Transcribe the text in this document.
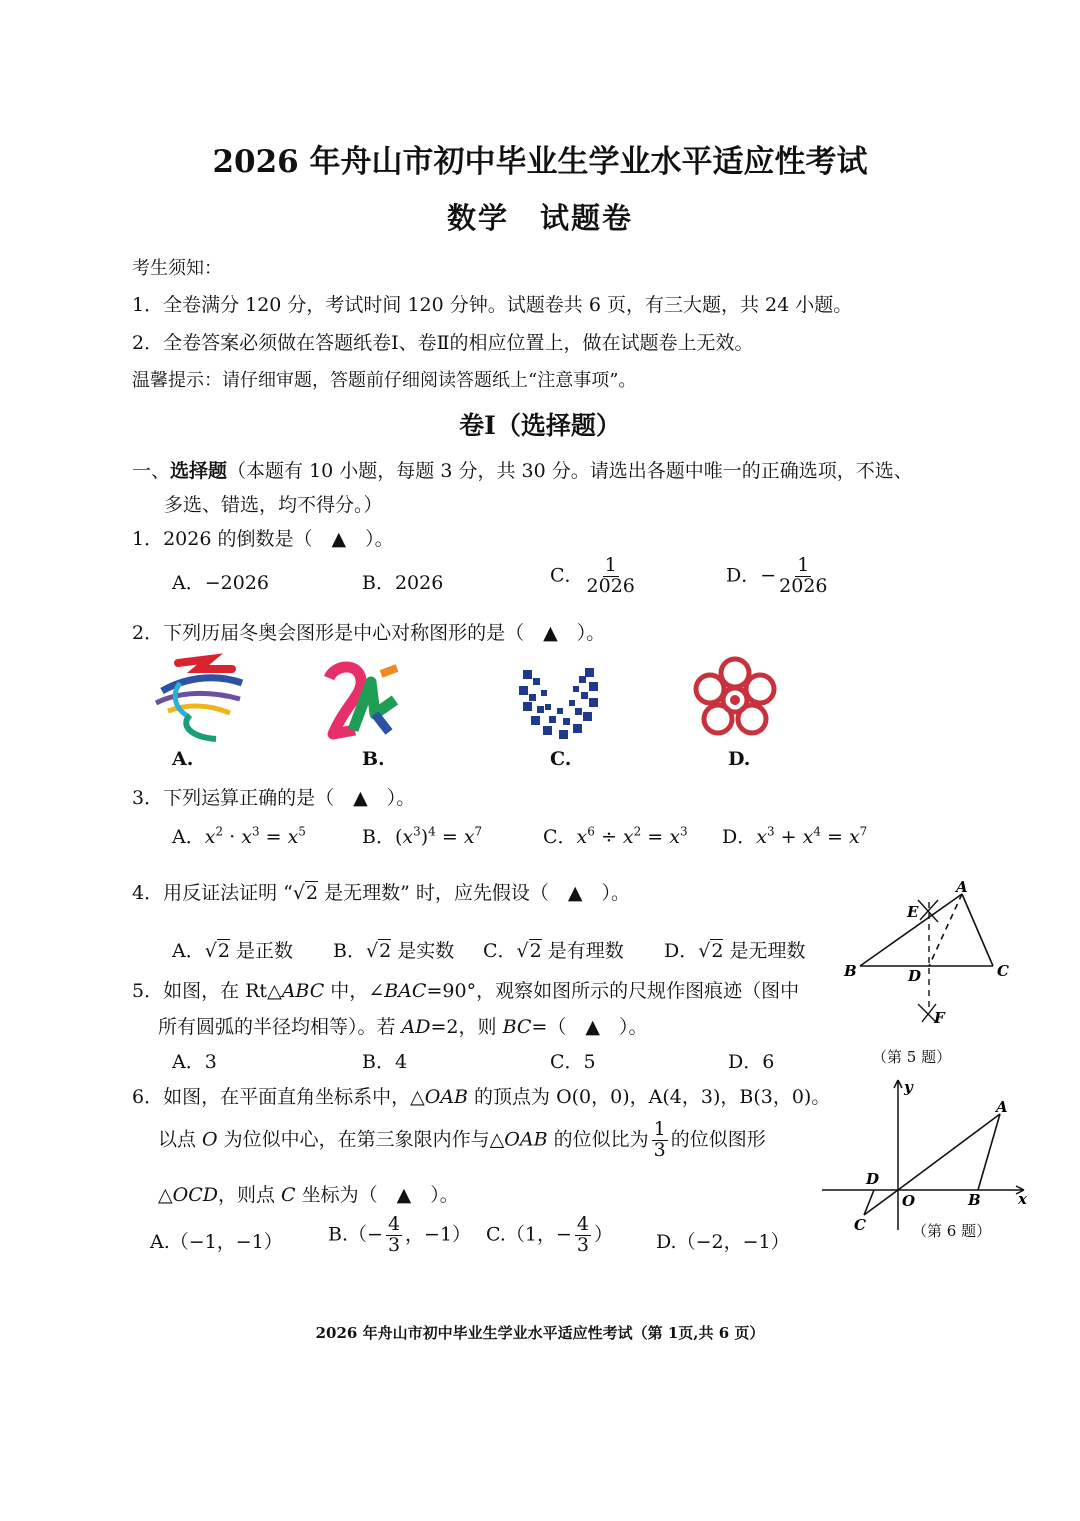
2026 年舟山市初中毕业生学业水平适应性考试
数学　试题卷
考生须知：
1．全卷满分 120 分，考试时间 120 分钟。试题卷共 6 页，有三大题，共 24 小题。
2．全卷答案必须做在答题纸卷Ⅰ、卷Ⅱ的相应位置上，做在试题卷上无效。
温馨提示：请仔细审题，答题前仔细阅读答题纸上“注意事项”。
卷Ⅰ（选择题）
一、选择题（本题有 10 小题，每题 3 分，共 30 分。请选出各题中唯一的正确选项，不选、
多选、错选，均不得分。）
1．2026 的倒数是（　▲　）。
A．−2026	B．2026	C． $\frac{1}{2026}$	D．− $\frac{1}{2026}$
2．下列历届冬奥会图形是中心对称图形的是（　▲　）。
A.	B.	C.	D.
3．下列运算正确的是（　▲　）。
A．$x^2 \cdot x^3 = x^5$	B．$(x^3)^4 = x^7$	C．$x^6 \div x^2 = x^3$ D．$x^3 + x^4 = x^7$
4．用反证法证明 “√2 是无理数” 时，应先假设（　▲　）。
A．√2 是正数 B．√2 是实数 C．√2 是有理数 D．√2 是无理数
5．如图，在 Rt△ABC 中，∠BAC=90°，观察如图所示的尺规作图痕迹（图中
所有圆弧的半径均相等）。若 AD=2，则 BC=（　▲　）。
A．3	B．4	C．5	D．6
A
B	C
D
E
F
（第 5 题）
6．如图，在平面直角坐标系中，△OAB 的顶点为 O(0，0)，A(4，3)，B(3，0)。
以点 O 为位似中心，在第三象限内作与△OAB 的位似比为 $\frac{1}{3}$ 的位似图形
△OCD，则点 C 坐标为（　▲　）。
A.（−1，−1） $B.(- \frac{4}{3}$ ，−1） C.（1，− $\frac{4}{3}$ ） D.（−2，−1）
y
x
A
B
O
C
D
（第 6 题）
2026 年舟山市初中毕业生学业水平适应性考试（第 1页,共 6 页）
